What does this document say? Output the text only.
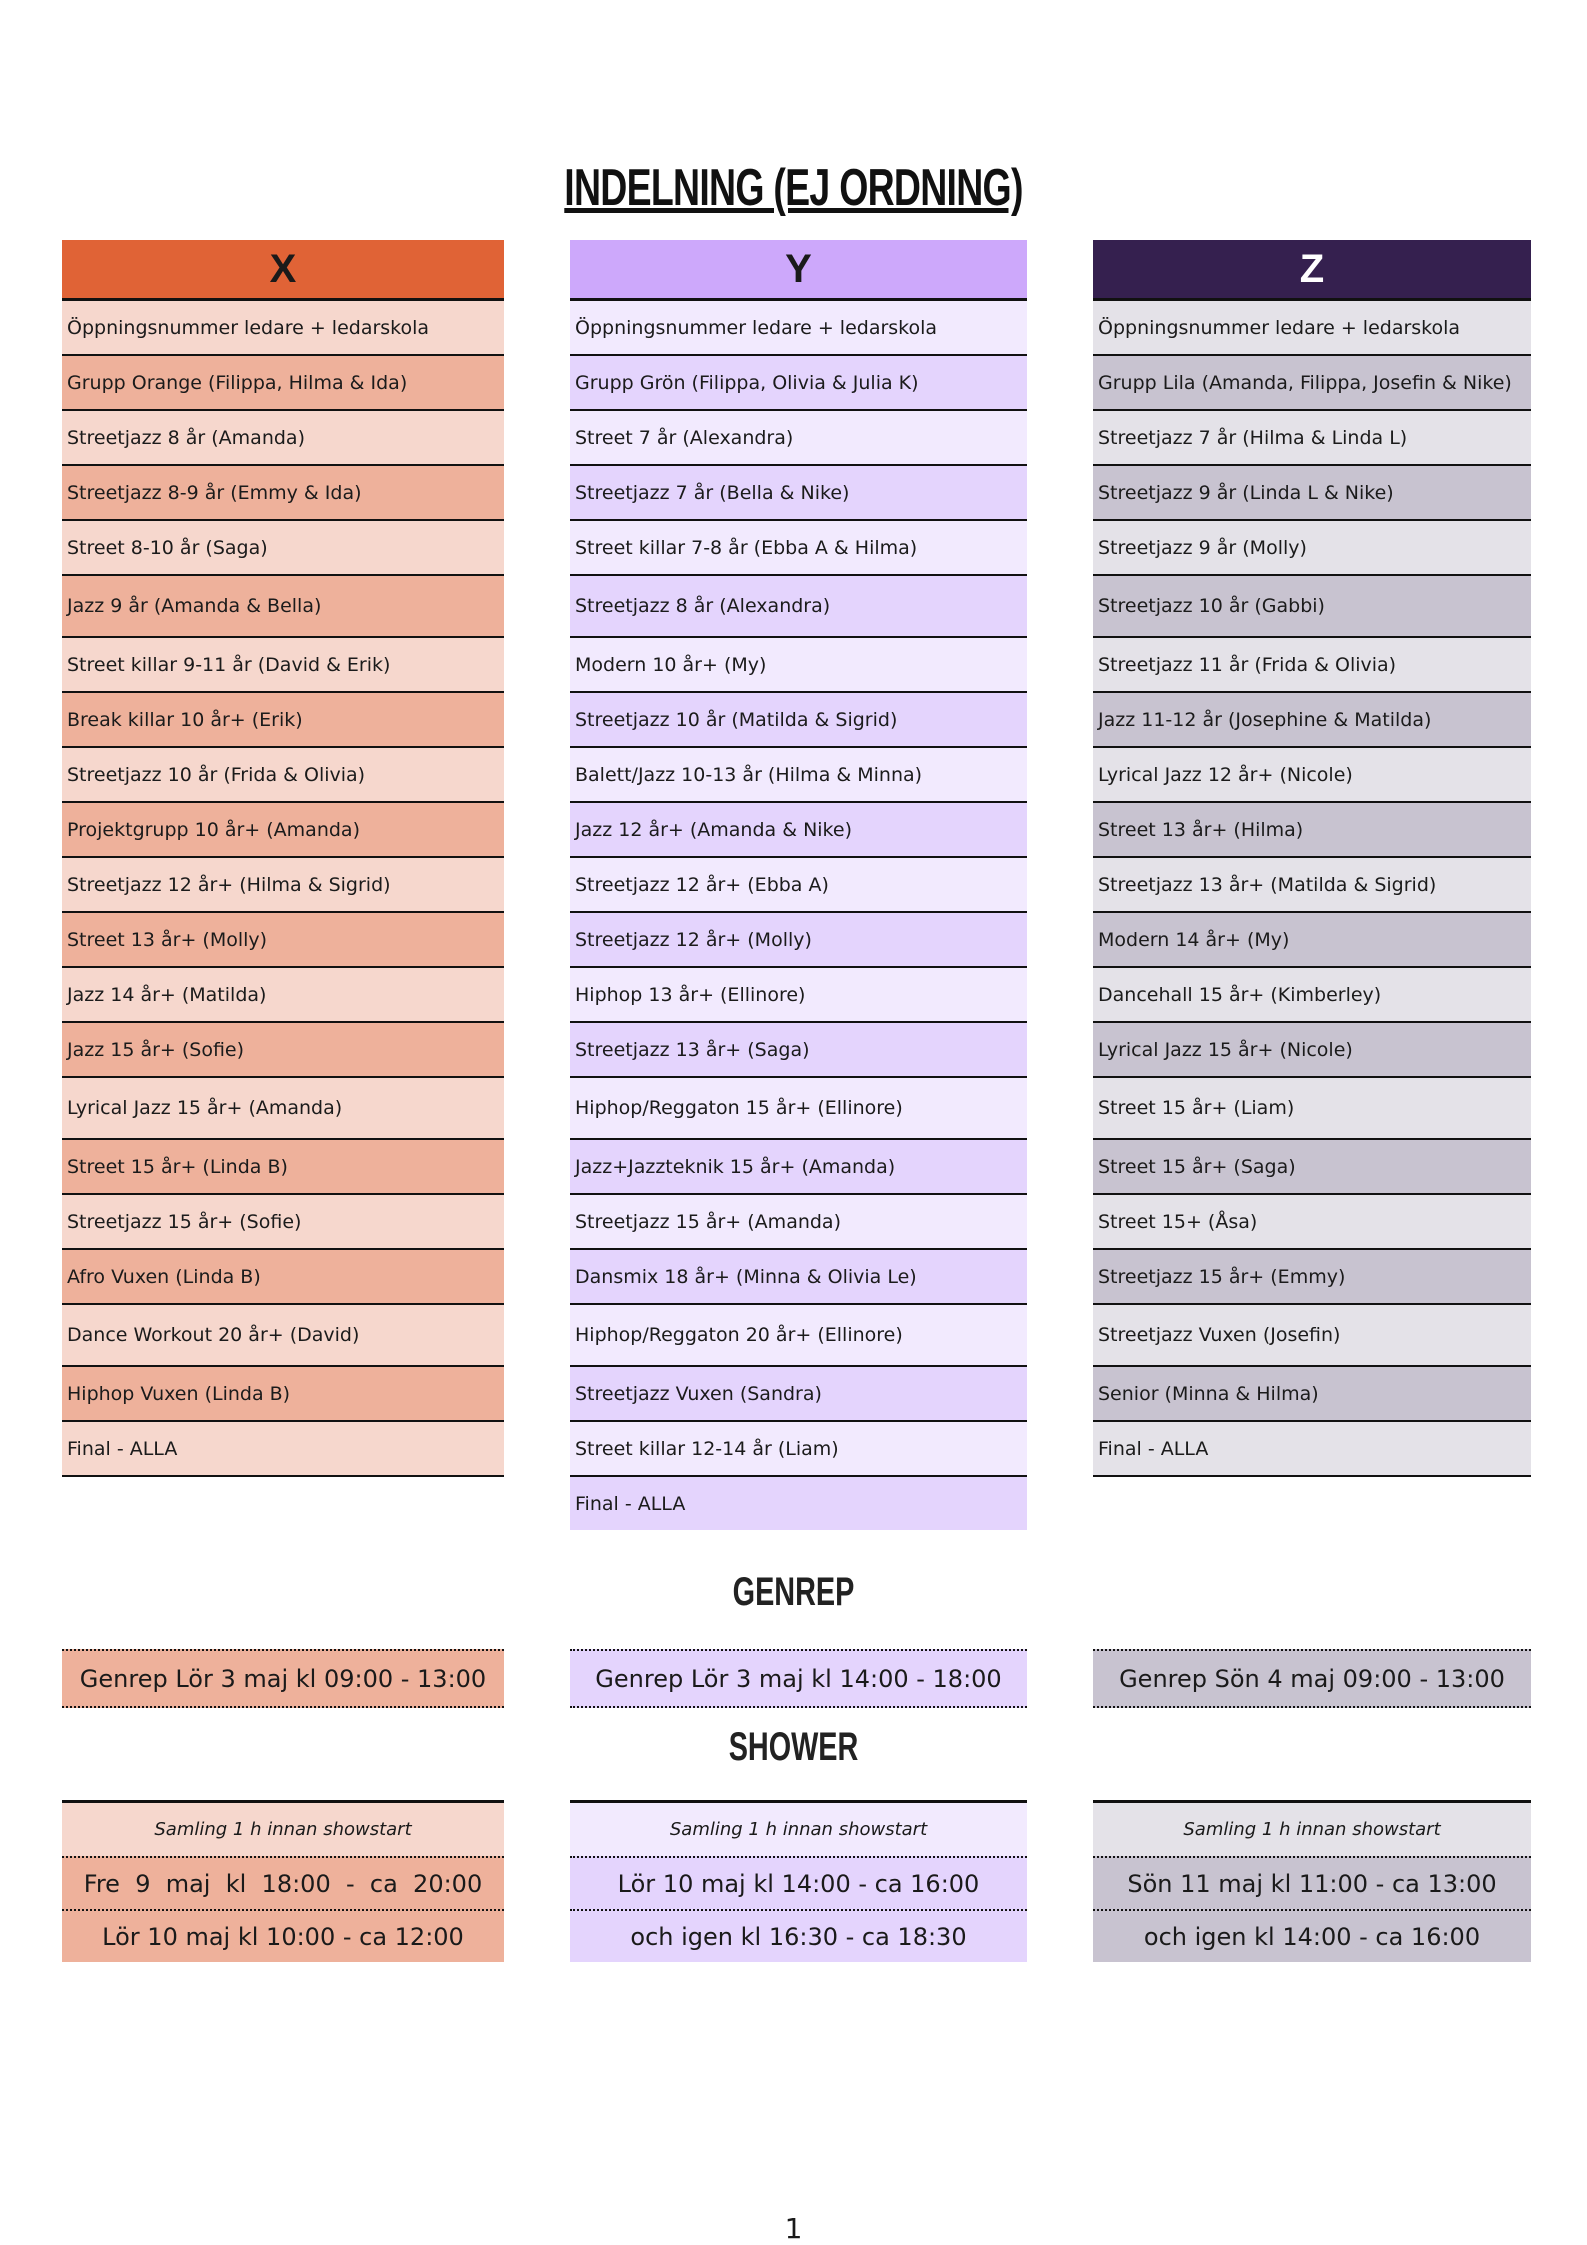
INDELNING (EJ ORDNING)
X
Öppningsnummer ledare + ledarskola
Grupp Orange (Filippa, Hilma & Ida)
Streetjazz 8 år (Amanda)
Streetjazz 8-9 år (Emmy & Ida)
Street 8-10 år (Saga)
Jazz 9 år (Amanda & Bella)
Street killar 9-11 år (David & Erik)
Break killar 10 år+ (Erik)
Streetjazz 10 år (Frida & Olivia)
Projektgrupp 10 år+ (Amanda)
Streetjazz 12 år+ (Hilma & Sigrid)
Street 13 år+ (Molly)
Jazz 14 år+ (Matilda)
Jazz 15 år+ (Sofie)
Lyrical Jazz 15 år+ (Amanda)
Street 15 år+ (Linda B)
Streetjazz 15 år+ (Sofie)
Afro Vuxen (Linda B)
Dance Workout 20 år+ (David)
Hiphop Vuxen (Linda B)
Final - ALLA
Y
Öppningsnummer ledare + ledarskola
Grupp Grön (Filippa, Olivia & Julia K)
Street 7 år (Alexandra)
Streetjazz 7 år (Bella & Nike)
Street killar 7-8 år (Ebba A & Hilma)
Streetjazz 8 år (Alexandra)
Modern 10 år+ (My)
Streetjazz 10 år (Matilda & Sigrid)
Balett/Jazz 10-13 år (Hilma & Minna)
Jazz 12 år+ (Amanda & Nike)
Streetjazz 12 år+ (Ebba A)
Streetjazz 12 år+ (Molly)
Hiphop 13 år+ (Ellinore)
Streetjazz 13 år+ (Saga)
Hiphop/Reggaton 15 år+ (Ellinore)
Jazz+Jazzteknik 15 år+ (Amanda)
Streetjazz 15 år+ (Amanda)
Dansmix 18 år+ (Minna & Olivia Le)
Hiphop/Reggaton 20 år+ (Ellinore)
Streetjazz Vuxen (Sandra)
Street killar 12-14 år (Liam)
Final - ALLA
Z
Öppningsnummer ledare + ledarskola
Grupp Lila (Amanda, Filippa, Josefin & Nike)
Streetjazz 7 år (Hilma & Linda L)
Streetjazz 9 år (Linda L & Nike)
Streetjazz 9 år (Molly)
Streetjazz 10 år (Gabbi)
Streetjazz 11 år (Frida & Olivia)
Jazz 11-12 år (Josephine & Matilda)
Lyrical Jazz 12 år+ (Nicole)
Street 13 år+ (Hilma)
Streetjazz 13 år+ (Matilda & Sigrid)
Modern 14 år+ (My)
Dancehall 15 år+ (Kimberley)
Lyrical Jazz 15 år+ (Nicole)
Street 15 år+ (Liam)
Street 15 år+ (Saga)
Street 15+ (Åsa)
Streetjazz 15 år+ (Emmy)
Streetjazz Vuxen (Josefin)
Senior (Minna & Hilma)
Final - ALLA
GENREP
Genrep Lör 3 maj kl 09:00 - 13:00	Genrep Lör 3 maj kl 14:00 - 18:00	Genrep Sön 4 maj 09:00 - 13:00
SHOWER
Samling 1 h innan showstart
Fre  9  maj  kl  18:00  -  ca  20:00
Lör 10 maj kl 10:00 - ca 12:00
Samling 1 h innan showstart
Lör 10 maj kl 14:00 - ca 16:00
och igen kl 16:30 - ca 18:30
Samling 1 h innan showstart
Sön 11 maj kl 11:00 - ca 13:00
och igen kl 14:00 - ca 16:00
1
